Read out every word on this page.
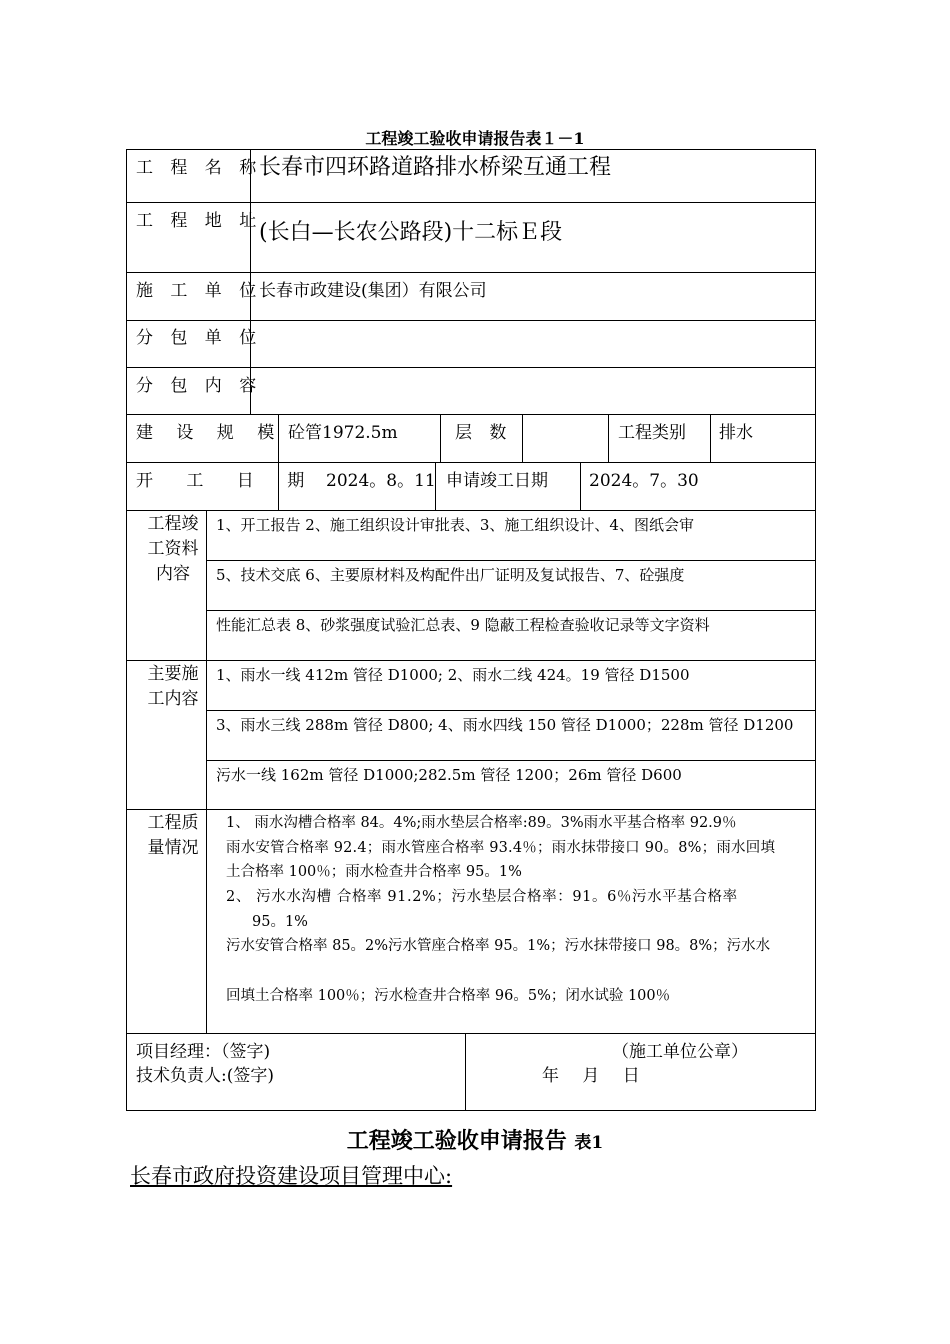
工程竣工验收申请报告表１－1
工 程 名 称
长春市四环路道路排水桥梁互通工程
工 程 地 址
(长白—长农公路段)十二标Ｅ段
施 工 单 位
长春市政建设(集团）有限公司
分 包 单 位
分 包 内 容
建 设 规 模 砼管1972.5m	层 数	工程类别 排水
开 工 日 期 2024。8。11 申请竣工日期 2024。7。30
工程竣工资料内容
1、开工报告 2、施工组织设计审批表、3、施工组织设计、4、图纸会审
5、技术交底 6、主要原材料及构配件出厂证明及复试报告、7、砼强度
性能汇总表 8、砂浆强度试验汇总表、9 隐蔽工程检查验收记录等文字资料
主要施工内容
1、雨水一线 412m 管径 D1000; 2、雨水二线 424。19 管径 D1500
3、雨水三线 288m 管径 D800; 4、雨水四线 150 管径 D1000；228m 管径 D1200
污水一线 162m 管径 D1000;282.5m 管径 1200；26m 管径 D600
工程质量情况
1、 雨水沟槽合格率 84。4%;雨水垫层合格率:89。3%雨水平基合格率 92.9％
雨水安管合格率 92.4；雨水管座合格率 93.4％；雨水抹带接口 90。8%；雨水回填
土合格率 100％；雨水检查井合格率 95。1%
2、 污水水沟槽 合格率 91.2%；污水垫层合格率：91。6％污水平基合格率
95。1%
污水安管合格率 85。2%污水管座合格率 95。1%；污水抹带接口 98。8%；污水水
回填土合格率 100％；污水检查井合格率 96。5%；闭水试验 100％
项目经理：（签字)
技术负责人:(签字)
（施工单位公章）
年 月 日
工程竣工验收申请报告 表1
长春市政府投资建设项目管理中心:
